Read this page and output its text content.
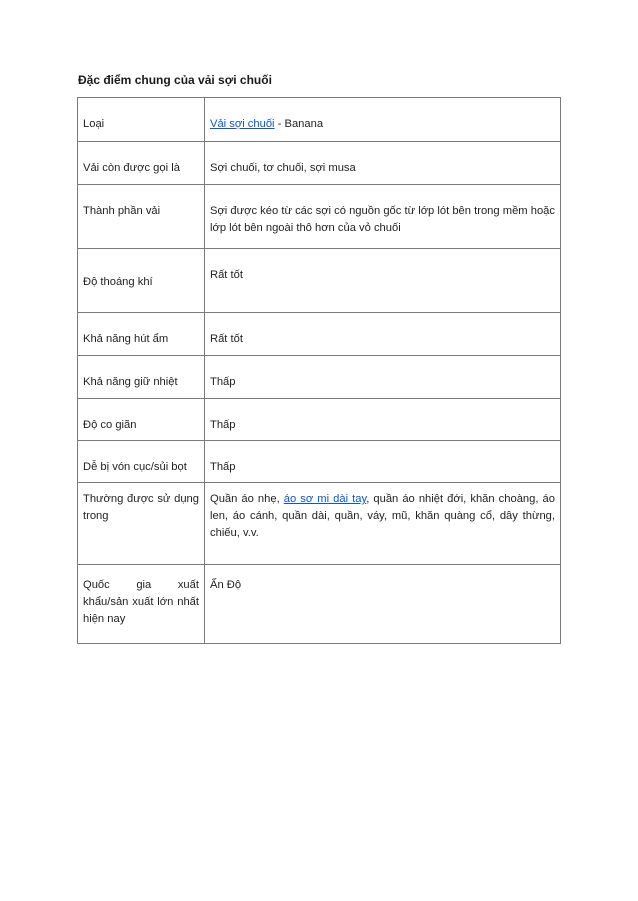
Đặc điểm chung của vải sợi chuối
Loại	Vải sợi chuối - Banana

Vải còn được gọi là	Sợi chuối, tơ chuối, sợi musa

Thành phần vải	Sợi được kéo từ các sợi có nguồn gốc từ lớp lót bên trong mềm hoặc lớp lót bên ngoài thô hơn của vỏ chuối

Độ thoáng khí	Rất tốt

Khả năng hút ẩm	Rất tốt

Khả năng giữ nhiệt	Thấp

Độ co giãn	Thấp

Dễ bị vón cục/sủi bọt	Thấp

Thường được sử dụng trong	Quần áo nhẹ, áo sơ mi dài tay, quần áo nhiệt đới, khăn choàng, áo len, áo cánh, quần dài, quần, váy, mũ, khăn quàng cổ, dây thừng, chiếu, v.v.

Quốc gia xuất khẩu/sản xuất lớn nhất hiện nay	Ấn Độ
